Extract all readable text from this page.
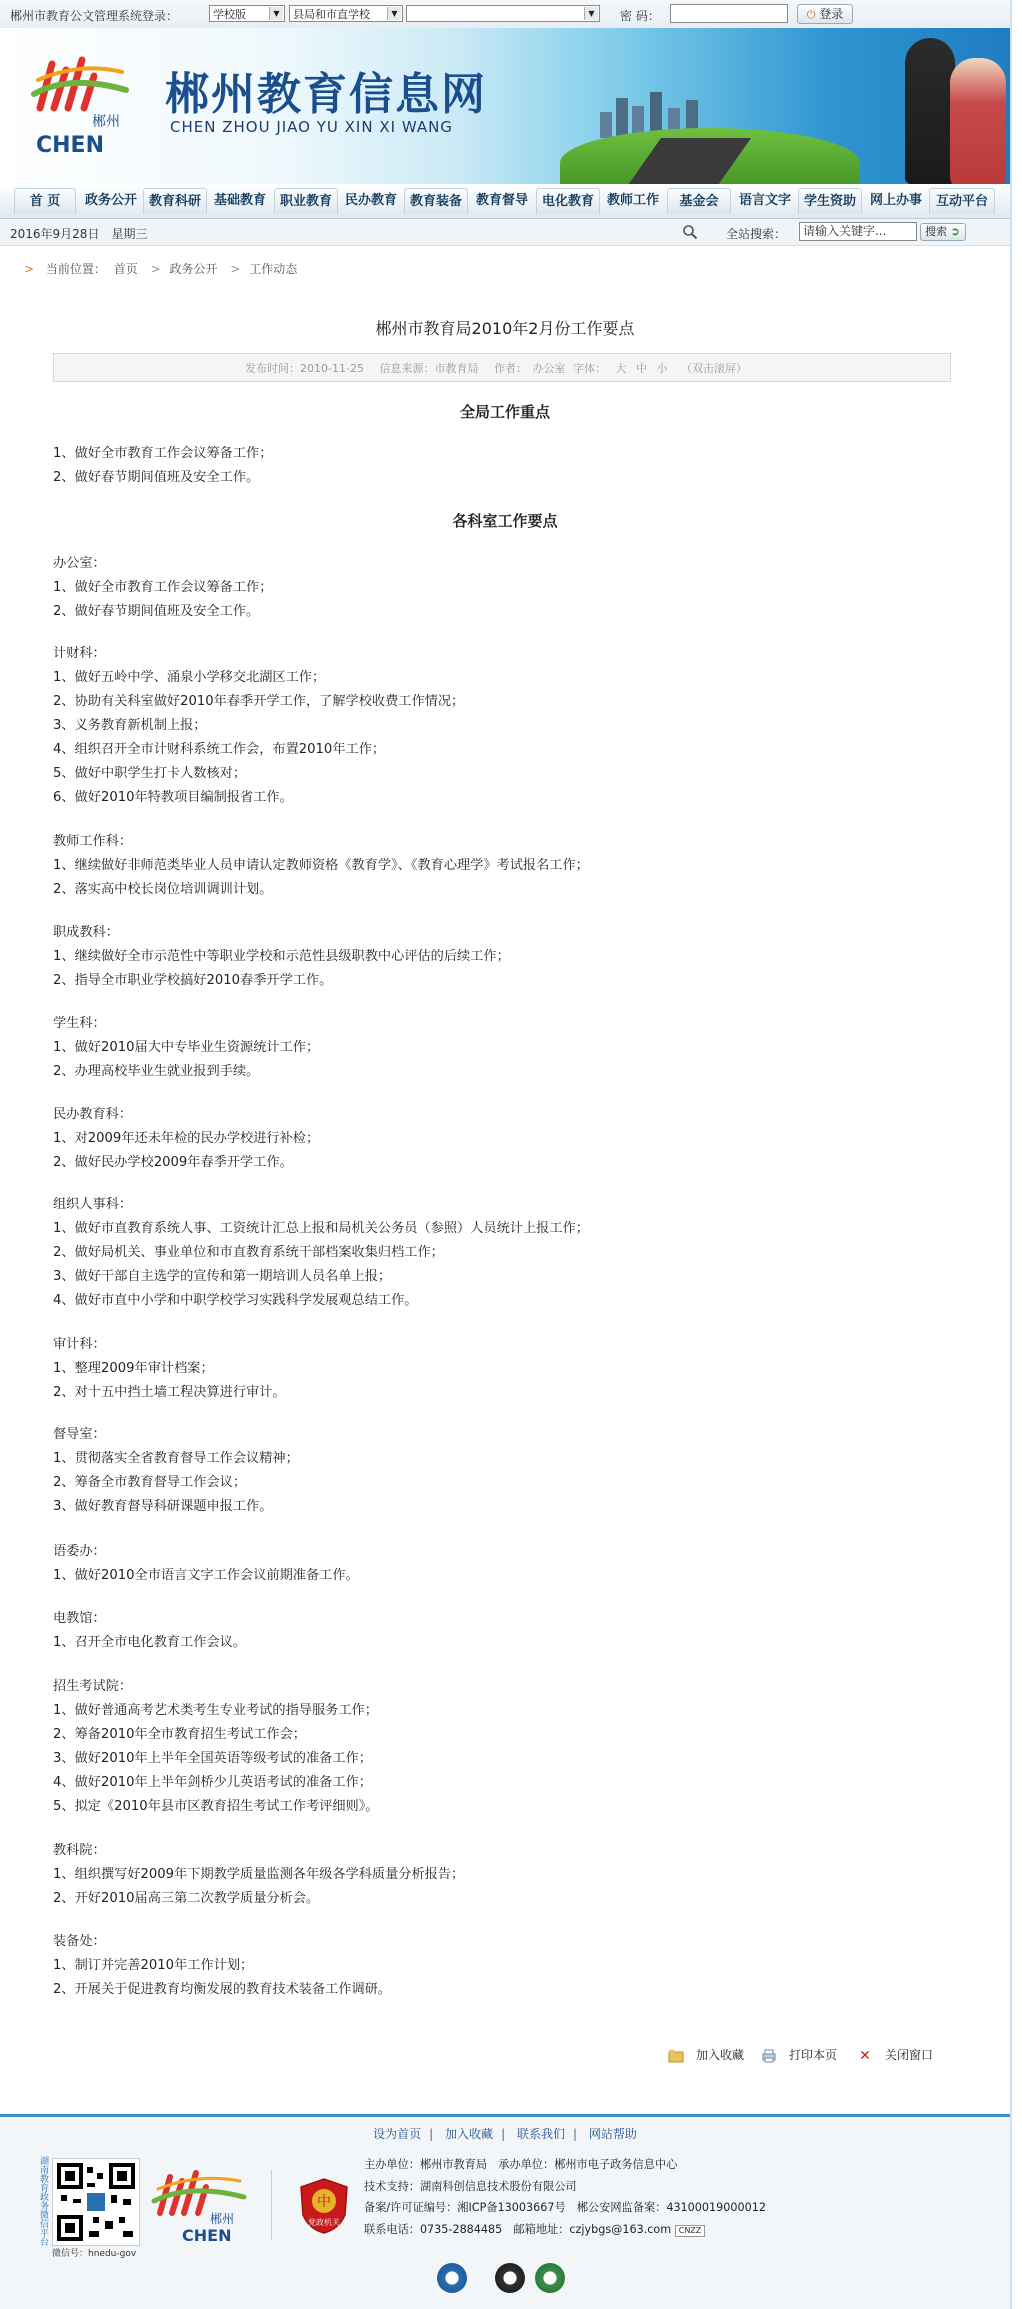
郴州市教育公文管理系统登录：	学校版	▼	县局和市直学校	▼	▼ 密 码：	⏻ 登录
郴州
CHEN
郴州教育信息网
CHEN ZHOU JIAO YU XIN XI WANG
首 页	政务公开 教育科研 基础教育	职业教育 民办教育 教育装备	教育督导	电化教育 教师工作	基金会	语言文字 学生资助	网上办事	互动平台
2016年9月28日　星期三	全站搜索：	请输入关键字...	搜索 ➲
> 当前位置： 首页 > 政务公开 > 工作动态
郴州市教育局2010年2月份工作要点
发布时间：2010-11-25 信息来源：市教育局 作者：　办公室 字体： 大 中 小 （双击滚屏）
全局工作重点
1、做好全市教育工作会议筹备工作；
2、做好春节期间值班及安全工作。
各科室工作要点
办公室：
1、做好全市教育工作会议筹备工作；
2、做好春节期间值班及安全工作。
计财科：
1、做好五岭中学、涌泉小学移交北湖区工作；
2、协助有关科室做好2010年春季开学工作，了解学校收费工作情况；
3、义务教育新机制上报；
4、组织召开全市计财科系统工作会，布置2010年工作；
5、做好中职学生打卡人数核对；
6、做好2010年特教项目编制报省工作。
教师工作科：
1、继续做好非师范类毕业人员申请认定教师资格《教育学》、《教育心理学》考试报名工作；
2、落实高中校长岗位培训调训计划。
职成教科：
1、继续做好全市示范性中等职业学校和示范性县级职教中心评估的后续工作；
2、指导全市职业学校搞好2010春季开学工作。
学生科：
1、做好2010届大中专毕业生资源统计工作；
2、办理高校毕业生就业报到手续。
民办教育科：
1、对2009年还未年检的民办学校进行补检；
2、做好民办学校2009年春季开学工作。
组织人事科：
1、做好市直教育系统人事、工资统计汇总上报和局机关公务员（参照）人员统计上报工作；
2、做好局机关、事业单位和市直教育系统干部档案收集归档工作；
3、做好干部自主选学的宣传和第一期培训人员名单上报；
4、做好市直中小学和中职学校学习实践科学发展观总结工作。
审计科：
1、整理2009年审计档案；
2、对十五中挡土墙工程决算进行审计。
督导室：
1、贯彻落实全省教育督导工作会议精神；
2、筹备全市教育督导工作会议；
3、做好教育督导科研课题申报工作。
语委办：
1、做好2010全市语言文字工作会议前期准备工作。
电教馆：
1、召开全市电化教育工作会议。
招生考试院：
1、做好普通高考艺术类考生专业考试的指导服务工作；
2、筹备2010年全市教育招生考试工作会；
3、做好2010年上半年全国英语等级考试的准备工作；
4、做好2010年上半年剑桥少儿英语考试的准备工作；
5、拟定《2010年县市区教育招生考试工作考评细则》。
教科院：
1、组织撰写好2009年下期教学质量监测各年级各学科质量分析报告；
2、开好2010届高三第二次教学质量分析会。
装备处：
1、制订并完善2010年工作计划；
2、开展关于促进教育均衡发展的教育技术装备工作调研。
加入收藏	打印本页 ✕ 关闭窗口
设为首页 | 加入收藏 | 联系我们 | 网站帮助
湖南教育政务微信平台
微信号：hnedu-gov
郴州
CHEN
中
党政机关
主办单位：郴州市教育局　承办单位：郴州市电子政务信息中心
技术支持：湖南科创信息技术股份有限公司
备案/许可证编号：湘ICP备13003667号　郴公安网监备案：43100019000012
联系电话：0735-2884485　邮箱地址：czjybgs@163.com CNZZ
